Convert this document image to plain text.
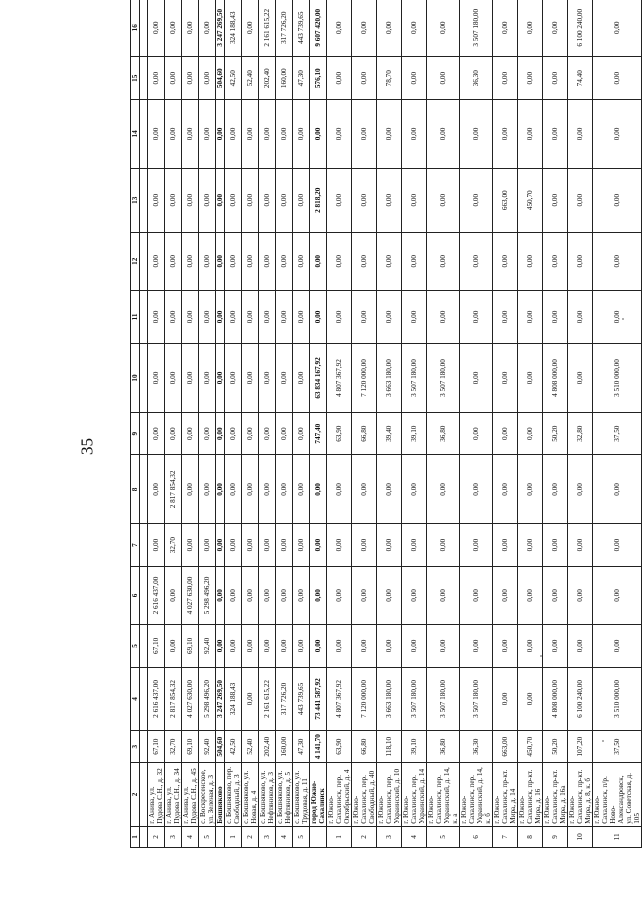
35
1	2	3	4	5	6	7	8	9	10	11	12	13	14	15	16

2	г. Анива, ул. Пудова С.Н., д. 32	67,10	2 616 437,00	67,10	2 616 437,00	0,00	0,00	0,00	0,00	0,00	0,00	0,00	0,00	0,00	0,00
3	г. Анива, ул. Пудова С.Н., д. 34	32,70	2 817 854,32	0,00	0,00	32,70	2 817 854,32	0,00	0,00	0,00	0,00	0,00	0,00	0,00	0,00
4	г. Анива, ул. Пудова С.Н., д. 45	69,10	4 027 630,00	69,10	4 027 630,00	0,00	0,00	0,00	0,00	0,00	0,00	0,00	0,00	0,00	0,00
5	с. Воскресенское, ул. Зеленая, д. 3	92,40	5 298 496,20	92,40	5 298 496,20	0,00	0,00	0,00	0,00	0,00	0,00	0,00	0,00	0,00	0,00
	Бошняково	504,60	3 247 269,50	0,00	0,00	0,00	0,00	0,00	0,00	0,00	0,00	0,00	0,00	504,60	3 247 269,50
1	с. Бошняково, пер. Свободный, д. 3	42,50	324 188,43	0,00	0,00	0,00	0,00	0,00	0,00	0,00	0,00	0,00	0,00	42,50	324 188,43
2	с. Бошняково, ул. Новая, д. 4	52,40	0,00	0,00	0,00	0,00	0,00	0,00	0,00	0,00	0,00	0,00	0,00	52,40	0,00
3	с. Бошняково, ул. Нефтяников, д. 3	202,40	2 161 615,22	0,00	0,00	0,00	0,00	0,00	0,00	0,00	0,00	0,00	0,00	202,40	2 161 615,22
4	с. Бошняково, ул. Нефтяников, д. 5	160,00	317 726,20	0,00	0,00	0,00	0,00	0,00	0,00	0,00	0,00	0,00	0,00	160,00	317 726,20
5	с. Бошняково, ул. Трудовая, д. 11	47,30	443 739,65	0,00	0,00	0,00	0,00	0,00	0,00	0,00	0,00	0,00	0,00	47,30	443 739,65
	город Южно-Сахалинск	4 141,70	73 441 587,92	0,00	0,00	0,00	0,00	747,40	63 834 167,92	0,00	0,00	2 818,20	0,00	576,10	9 607 420,00
1	г. Южно-Сахалинск, пер. Октябрьский, д. 4	63,90	4 807 367,92	0,00	0,00	0,00	0,00	63,90	4 807 367,92	0,00	0,00	0,00	0,00	0,00	0,00
2	г. Южно-Сахалинск, пер. Свободный, д. 40	66,80	7 120 000,00	0,00	0,00	0,00	0,00	66,80	7 120 000,00	0,00	0,00	0,00	0,00	0,00	0,00
3	г. Южно-Сахалинск, пер. Украинский, д. 10	118,10	3 663 180,00	0,00	0,00	0,00	0,00	39,40	3 663 180,00	0,00	0,00	0,00	0,00	78,70	0,00
4	г. Южно-Сахалинск, пер. Украинский, д. 14	39,10	3 507 180,00	0,00	0,00	0,00	0,00	39,10	3 507 180,00	0,00	0,00	0,00	0,00	0,00	0,00
5	г. Южно-Сахалинск, пер. Украинский, д. 14, к. а	36,80	3 507 180,00	0,00	0,00	0,00	0,00	36,80	3 507 180,00	0,00	0,00	0,00	0,00	0,00	0,00
6	г. Южно-Сахалинск, пер. Украинский, д. 14, к. б	36,30	3 507 180,00	0,00	0,00	0,00	0,00	0,00	0,00	0,00	0,00	0,00	0,00	36,30	3 507 180,00
7	г. Южно-Сахалинск, пр-кт. Мира, д. 14	663,00	0,00	0,00	0,00	0,00	0,00	0,00	0,00	0,00	0,00	663,00	0,00	0,00	0,00
8	г. Южно-Сахалинск, пр-кт. Мира, д. 16	450,70	0,00	0,00	0,00	0,00	0,00	0,00	0,00	0,00	0,00	450,70	0,00	0,00	0,00
9	г. Южно-Сахалинск, пр-кт. Мира, д. 16а	50,20	4 808 000,00	0,00	0,00	0,00	0,00	50,20	4 808 000,00	0,00	0,00	0,00	0,00	0,00	0,00
10	г. Южно-Сахалинск, пр-кт. Мира, д. 8, к. б	107,20	6 100 240,00	0,00	0,00	0,00	0,00	32,80	0,00	0,00	0,00	0,00	0,00	74,40	6 100 240,00
11	г. Южно-Сахалинск, п/р. Ново-Александровск, ул. Советская, д. 105	37,50	3 510 000,00	0,00	0,00	0,00	0,00	37,50	3 510 000,00	0,00	0,00	0,00	0,00	0,00	0,00
